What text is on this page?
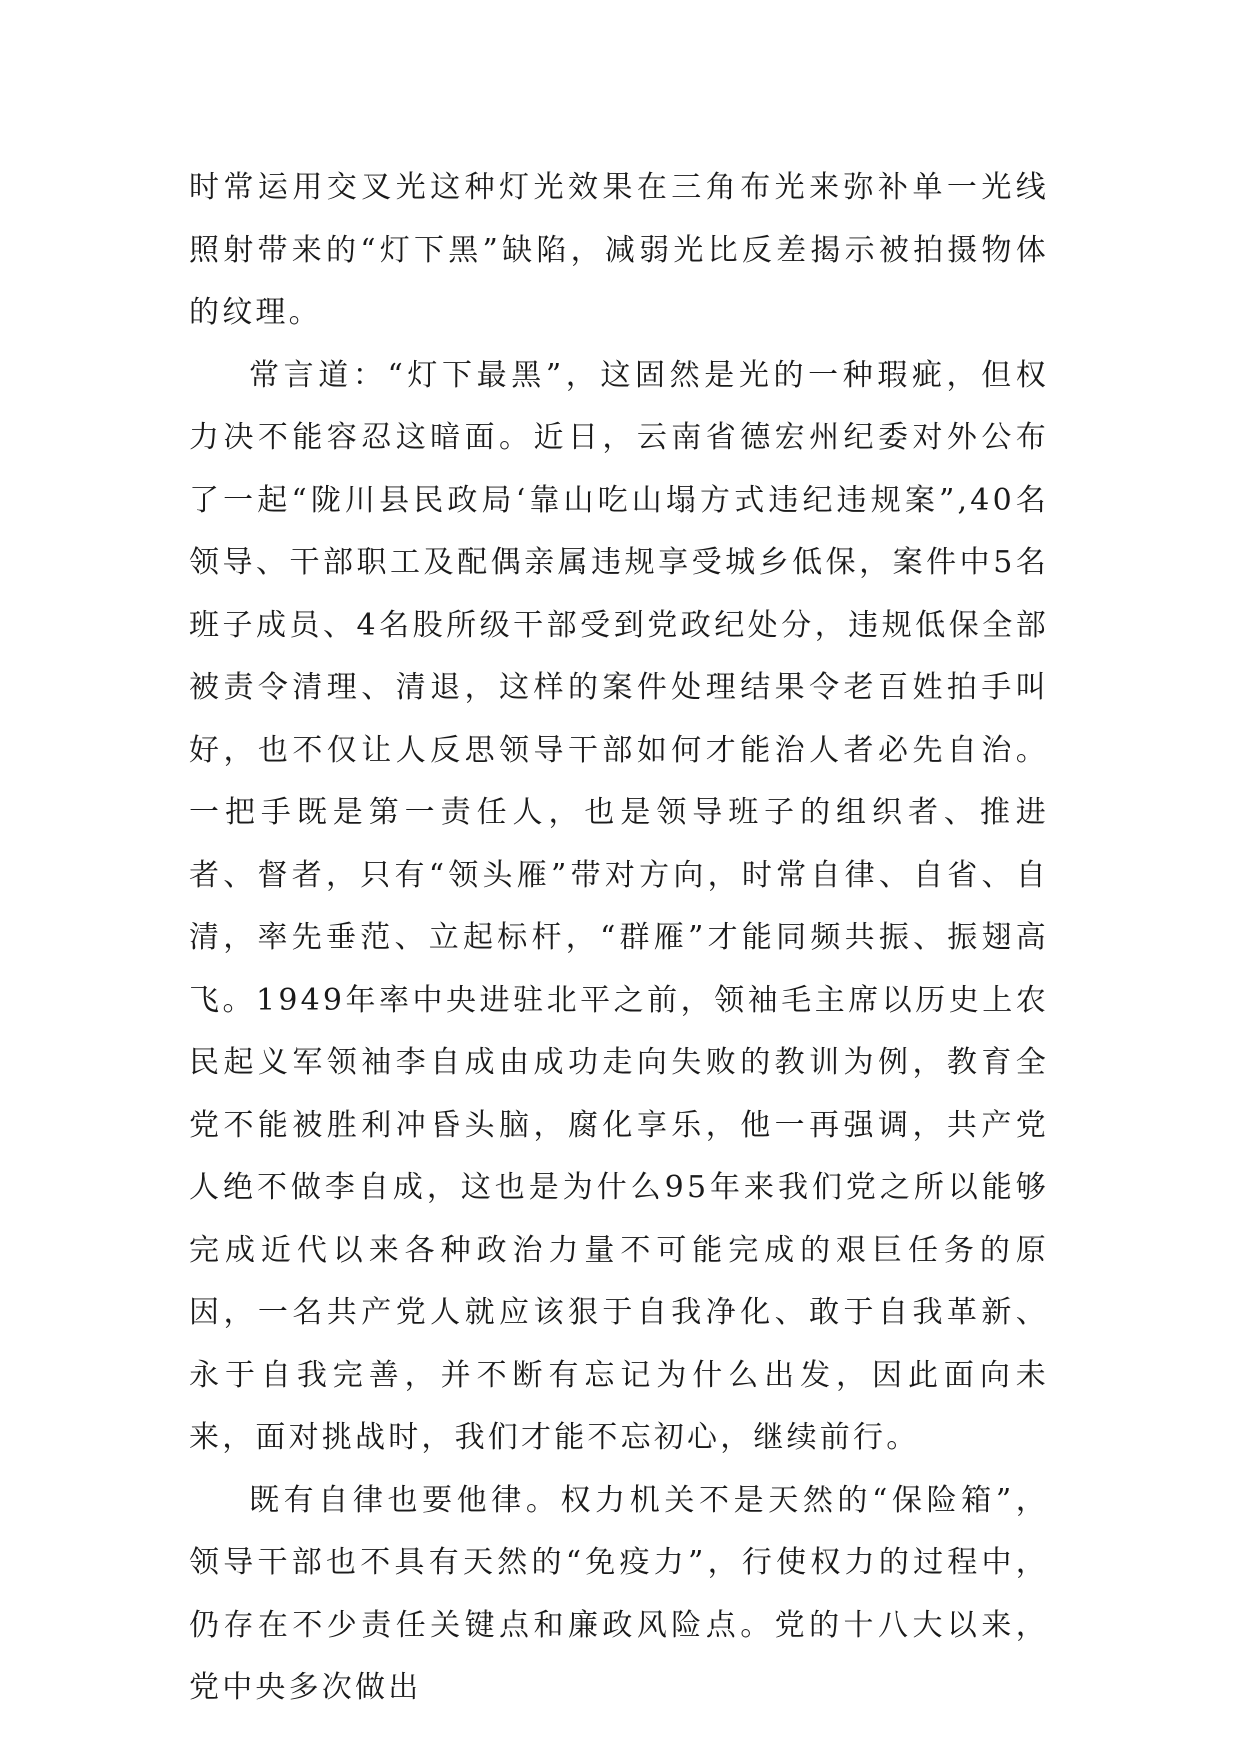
时常运用交叉光这种灯光效果在三角布光来弥补单一光线照射带来的“灯下黑”缺陷，减弱光比反差揭示被拍摄物体的纹理。

常言道：“灯下最黑”，这固然是光的一种瑕疵，但权力决不能容忍这暗面。近日，云南省德宏州纪委对外公布了一起“陇川县民政局‘靠山吃山塌方式违纪违规案”,40名领导、干部职工及配偶亲属违规享受城乡低保，案件中5名班子成员、4名股所级干部受到党政纪处分，违规低保全部被责令清理、清退，这样的案件处理结果令老百姓拍手叫好，也不仅让人反思领导干部如何才能治人者必先自治。一把手既是第一责任人，也是领导班子的组织者、推进者、督者，只有“领头雁”带对方向，时常自律、自省、自清，率先垂范、立起标杆，“群雁”才能同频共振、振翅高飞。1949年率中央进驻北平之前，领袖毛主席以历史上农民起义军领袖李自成由成功走向失败的教训为例，教育全党不能被胜利冲昏头脑，腐化享乐，他一再强调，共产党人绝不做李自成，这也是为什么95年来我们党之所以能够完成近代以来各种政治力量不可能完成的艰巨任务的原因，一名共产党人就应该狠于自我净化、敢于自我革新、永于自我完善，并不断有忘记为什么出发，因此面向未来，面对挑战时，我们才能不忘初心，继续前行。

既有自律也要他律。权力机关不是天然的“保险箱”，领导干部也不具有天然的“免疫力”，行使权力的过程中，仍存在不少责任关键点和廉政风险点。党的十八大以来，党中央多次做出
